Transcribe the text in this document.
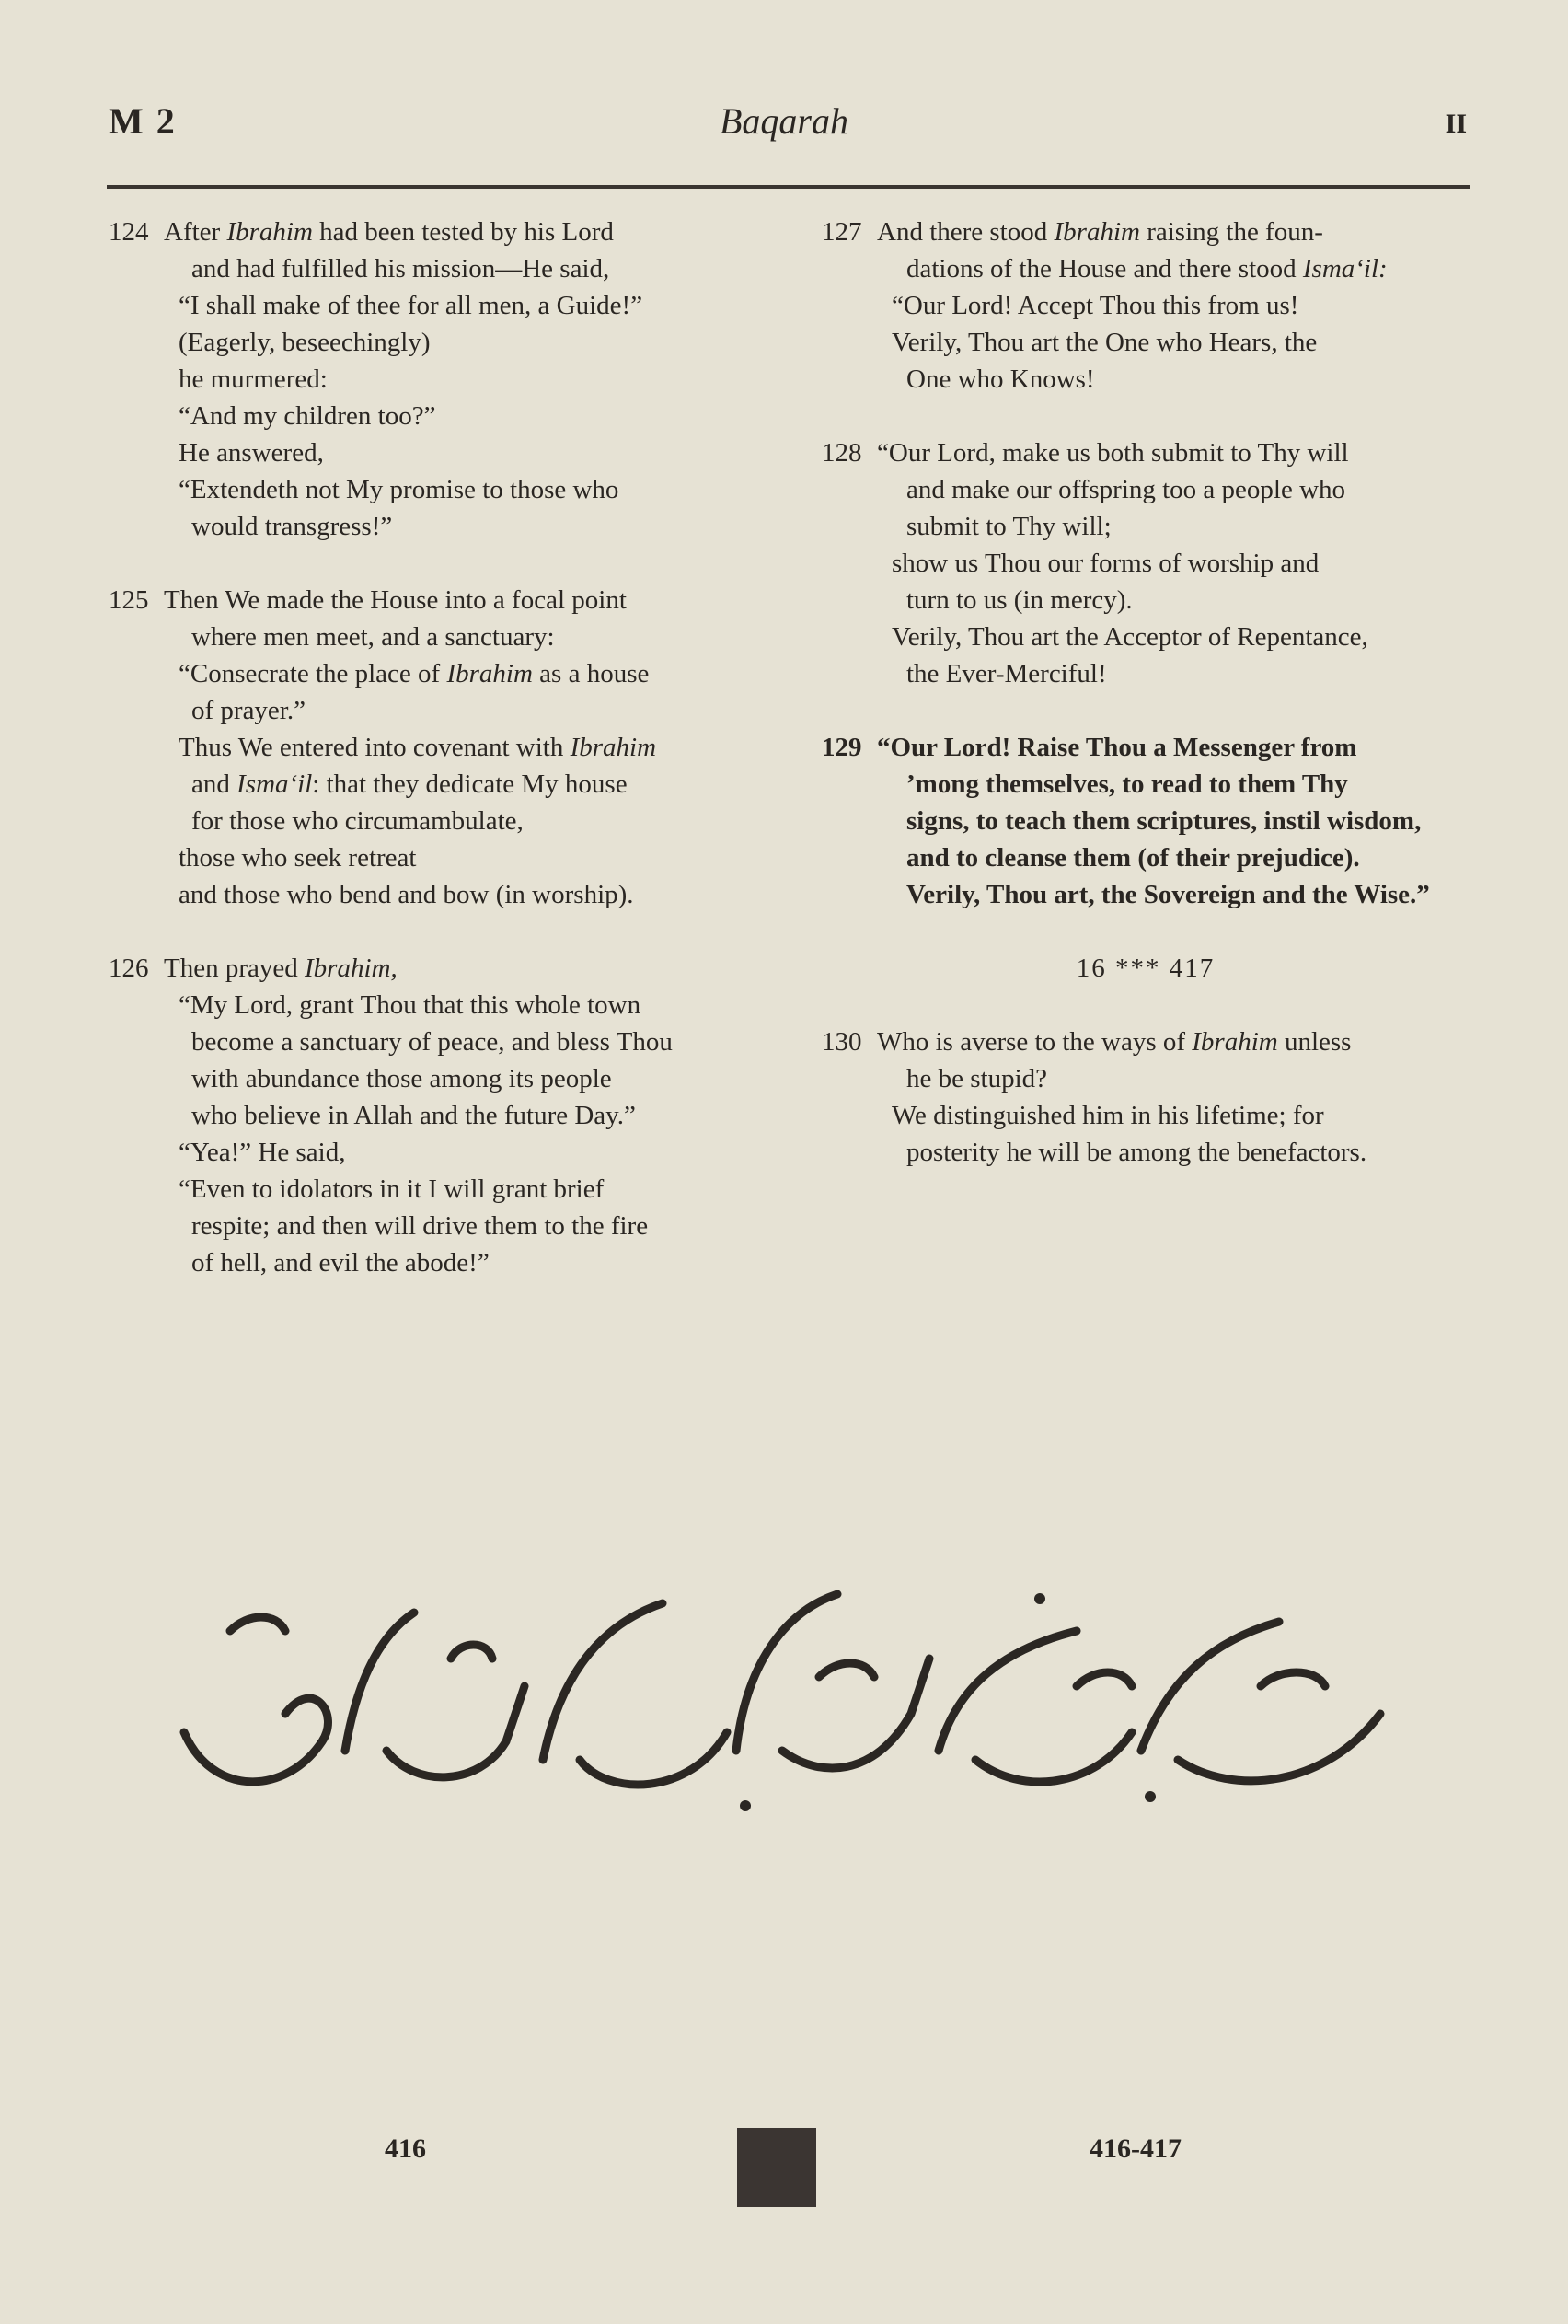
M 2	Baqarah	II

124 After Ibrahim had been tested by his Lord

and had fulfilled his mission—He said,

“I shall make of thee for all men, a Guide!”

(Eagerly, beseechingly)

he murmered:

“And my children too?”

He answered,

“Extendeth not My promise to those who

would transgress!”

125 Then We made the House into a focal point

where men meet, and a sanctuary:

“Consecrate the place of Ibrahim as a house

of prayer.”

Thus We entered into covenant with Ibrahim

and Isma‘il: that they dedicate My house

for those who circumambulate,

those who seek retreat

and those who bend and bow (in worship).

126 Then prayed Ibrahim,

“My Lord, grant Thou that this whole town

become a sanctuary of peace, and bless Thou

with abundance those among its people

who believe in Allah and the future Day.”

“Yea!” He said,

“Even to idolators in it I will grant brief

respite; and then will drive them to the fire

of hell, and evil the abode!”

127 And there stood Ibrahim raising the foun-

dations of the House and there stood Isma‘il:

“Our Lord! Accept Thou this from us!

Verily, Thou art the One who Hears, the

One who Knows!

128 “Our Lord, make us both submit to Thy will

and make our offspring too a people who

submit to Thy will;

show us Thou our forms of worship and

turn to us (in mercy).

Verily, Thou art the Acceptor of Repentance,

the Ever-Merciful!

129 “Our Lord! Raise Thou a Messenger from

’mong themselves, to read to them Thy

signs, to teach them scriptures, instil wisdom,

and to cleanse them (of their prejudice).

Verily, Thou art, the Sovereign and the Wise.”

16 *** 417

130 Who is averse to the ways of Ibrahim unless

he be stupid?

We distinguished him in his lifetime; for

posterity he will be among the benefactors.

فسيكفيكهم الله وهو السميع العليم
416	416-417
